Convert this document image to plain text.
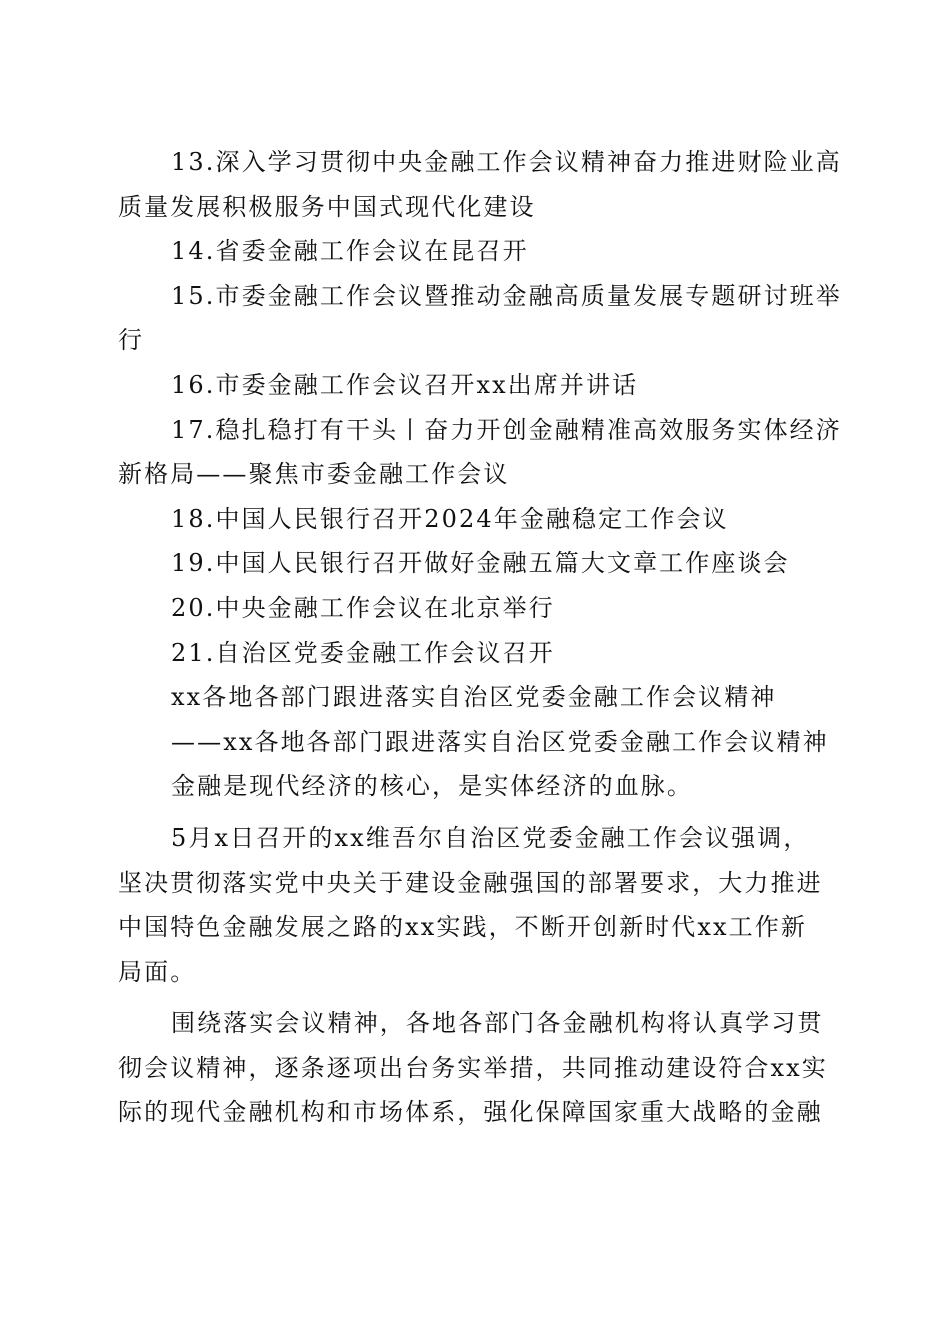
13.深入学习贯彻中央金融工作会议精神奋力推进财险业高
质量发展积极服务中国式现代化建设
14.省委金融工作会议在昆召开
15.市委金融工作会议暨推动金融高质量发展专题研讨班举
行
16.市委金融工作会议召开xx出席并讲话
17.稳扎稳打有干头丨奋力开创金融精准高效服务实体经济
新格局——聚焦市委金融工作会议
18.中国人民银行召开2024年金融稳定工作会议
19.中国人民银行召开做好金融五篇大文章工作座谈会
20.中央金融工作会议在北京举行
21.自治区党委金融工作会议召开
xx各地各部门跟进落实自治区党委金融工作会议精神
——xx各地各部门跟进落实自治区党委金融工作会议精神
金融是现代经济的核心，是实体经济的血脉。
5月x日召开的xx维吾尔自治区党委金融工作会议强调，
坚决贯彻落实党中央关于建设金融强国的部署要求，大力推进
中国特色金融发展之路的xx实践，不断开创新时代xx工作新
局面。
围绕落实会议精神，各地各部门各金融机构将认真学习贯
彻会议精神，逐条逐项出台务实举措，共同推动建设符合xx实
际的现代金融机构和市场体系，强化保障国家重大战略的金融
